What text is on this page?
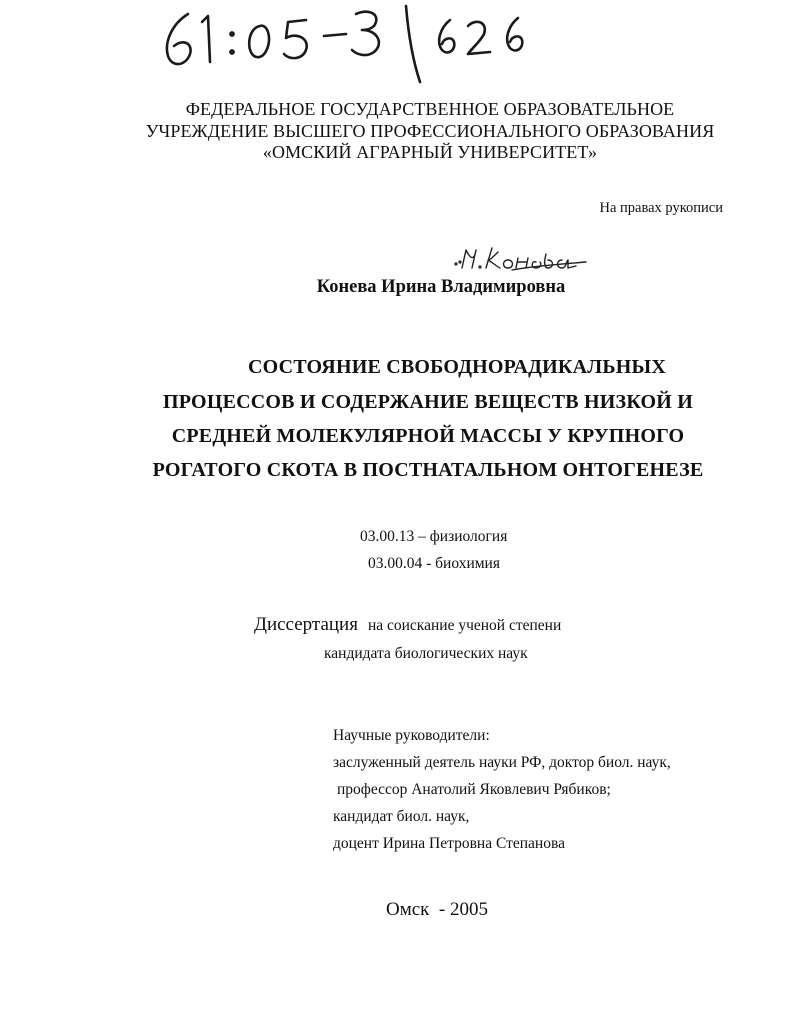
ФЕДЕРАЛЬНОЕ ГОСУДАРСТВЕННОЕ ОБРАЗОВАТЕЛЬНОЕ
УЧРЕЖДЕНИЕ ВЫСШЕГО ПРОФЕССИОНАЛЬНОГО ОБРАЗОВАНИЯ
«ОМСКИЙ АГРАРНЫЙ УНИВЕРСИТЕТ»
На правах рукописи
Конева Ирина Владимировна
СОСТОЯНИЕ СВОБОДНОРАДИКАЛЬНЫХ
ПРОЦЕССОВ И СОДЕРЖАНИЕ ВЕЩЕСТВ НИЗКОЙ И
СРЕДНЕЙ МОЛЕКУЛЯРНОЙ МАССЫ У КРУПНОГО
РОГАТОГО СКОТА В ПОСТНАТАЛЬНОМ ОНТОГЕНЕЗЕ
03.00.13 – физиология
03.00.04 - биохимия
Диссертация на соискание ученой степени
кандидата биологических наук
Научные руководители:
заслуженный деятель науки РФ, доктор биол. наук,
профессор Анатолий Яковлевич Рябиков;
кандидат биол. наук,
доцент Ирина Петровна Степанова
Омск  - 2005
